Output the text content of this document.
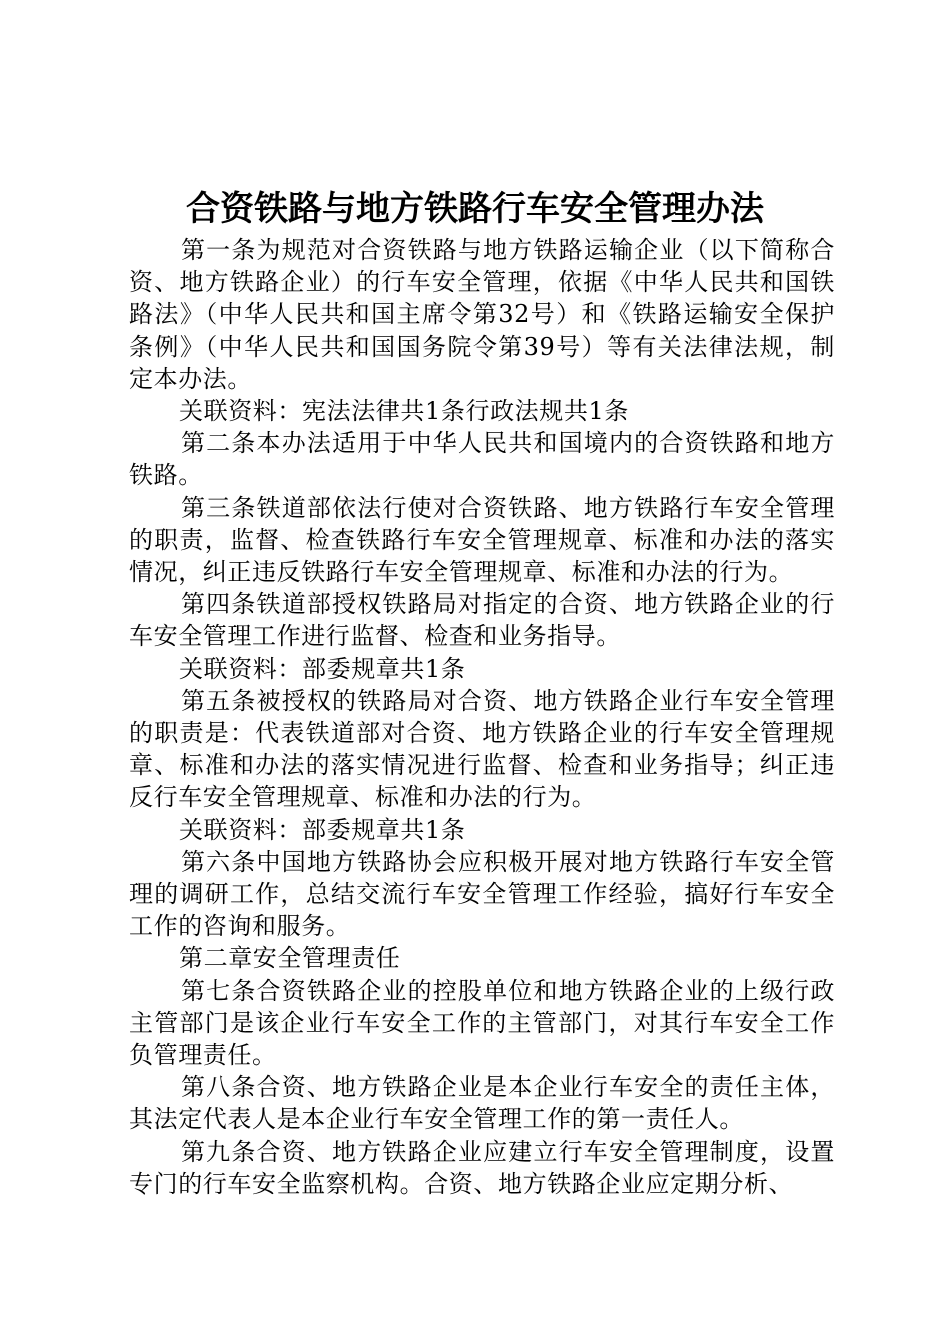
合资铁路与地方铁路行车安全管理办法

第一条为规范对合资铁路与地方铁路运输企业（以下简称合资、地方铁路企业）的行车安全管理，依据《中华人民共和国铁路法》（中华人民共和国主席令第32号）和《铁路运输安全保护条例》（中华人民共和国国务院令第39号）等有关法律法规，制定本办法。

关联资料：宪法法律共1条行政法规共1条

第二条本办法适用于中华人民共和国境内的合资铁路和地方铁路。

第三条铁道部依法行使对合资铁路、地方铁路行车安全管理的职责，监督、检查铁路行车安全管理规章、标准和办法的落实情况，纠正违反铁路行车安全管理规章、标准和办法的行为。

第四条铁道部授权铁路局对指定的合资、地方铁路企业的行车安全管理工作进行监督、检查和业务指导。

关联资料：部委规章共1条

第五条被授权的铁路局对合资、地方铁路企业行车安全管理的职责是：代表铁道部对合资、地方铁路企业的行车安全管理规章、标准和办法的落实情况进行监督、检查和业务指导；纠正违反行车安全管理规章、标准和办法的行为。

关联资料：部委规章共1条

第六条中国地方铁路协会应积极开展对地方铁路行车安全管理的调研工作，总结交流行车安全管理工作经验，搞好行车安全工作的咨询和服务。

第二章安全管理责任

第七条合资铁路企业的控股单位和地方铁路企业的上级行政主管部门是该企业行车安全工作的主管部门，对其行车安全工作负管理责任。

第八条合资、地方铁路企业是本企业行车安全的责任主体，其法定代表人是本企业行车安全管理工作的第一责任人。

第九条合资、地方铁路企业应建立行车安全管理制度，设置专门的行车安全监察机构。合资、地方铁路企业应定期分析、
